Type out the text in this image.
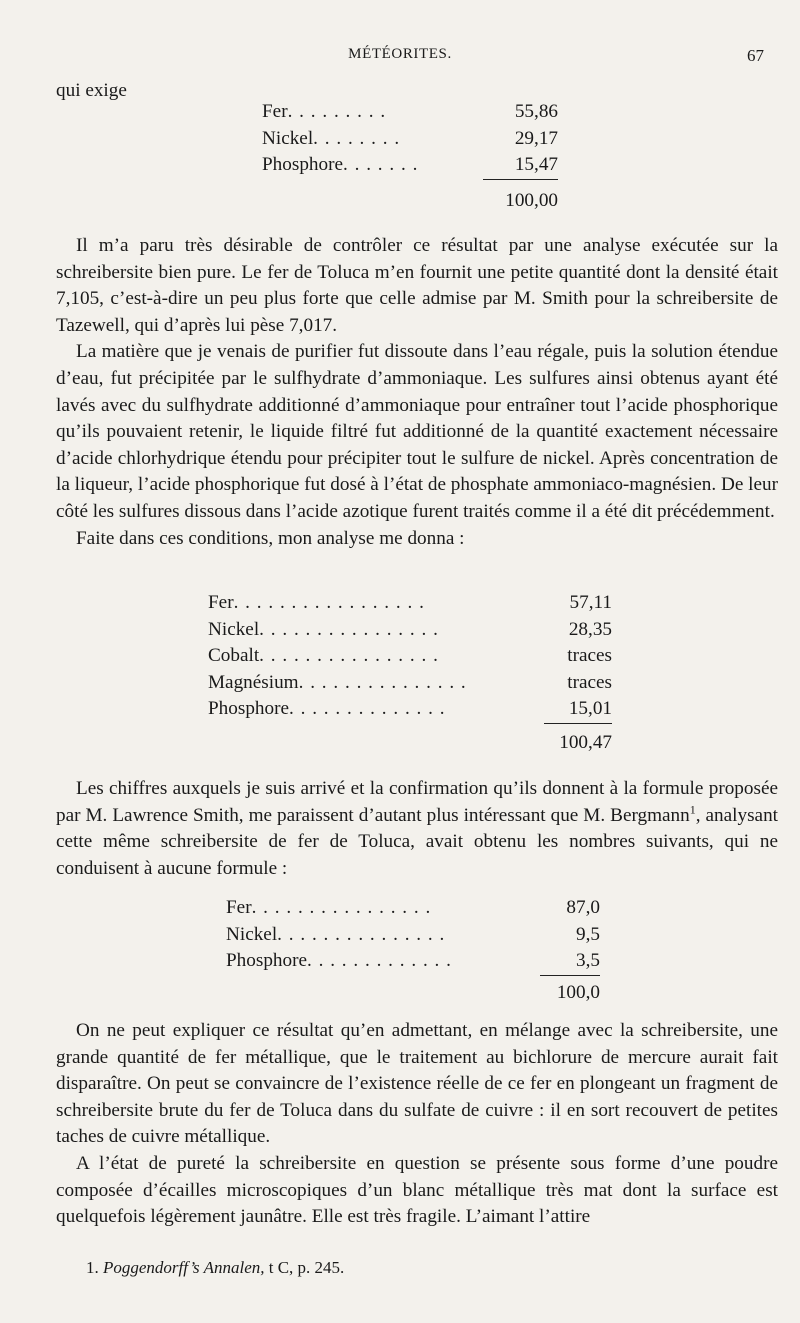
MÉTÉORITES.	67

qui exige

Fer. . . . . . . . .	55,86
Nickel. . . . . . . .	29,17
Phosphore. . . . . . .	15,47
	100,00

Il m’a paru très désirable de contrôler ce résultat par une analyse exécutée sur la schreibersite bien pure. Le fer de Toluca m’en fournit une petite quantité dont la densité était 7,105, c’est-à-dire un peu plus forte que celle admise par M. Smith pour la schreibersite de Tazewell, qui d’après lui pèse 7,017.

La matière que je venais de purifier fut dissoute dans l’eau régale, puis la solution étendue d’eau, fut précipitée par le sulfhydrate d’ammoniaque. Les sulfures ainsi obtenus ayant été lavés avec du sulfhydrate additionné d’ammoniaque pour entraîner tout l’acide phosphorique qu’ils pouvaient retenir, le liquide filtré fut additionné de la quantité exactement nécessaire d’acide chlorhydrique étendu pour précipiter tout le sulfure de nickel. Après concentration de la liqueur, l’acide phosphorique fut dosé à l’état de phosphate ammoniaco-magnésien. De leur côté les sulfures dissous dans l’acide azotique furent traités comme il a été dit précédemment.

Faite dans ces conditions, mon analyse me donna :

Fer. . . . . . . . . . . . . . . . .	57,11
Nickel. . . . . . . . . . . . . . . .	28,35
Cobalt. . . . . . . . . . . . . . . .	traces
Magnésium. . . . . . . . . . . . . . .	traces
Phosphore. . . . . . . . . . . . . .	15,01
	100,47

Les chiffres auxquels je suis arrivé et la confirmation qu’ils donnent à la formule proposée par M. Lawrence Smith, me paraissent d’autant plus intéressant que M. Bergmann$^1$, analysant cette même schreibersite de fer de Toluca, avait obtenu les nombres suivants, qui ne conduisent à aucune formule :

Fer. . . . . . . . . . . . . . . .	87,0
Nickel. . . . . . . . . . . . . . .	9,5
Phosphore. . . . . . . . . . . . .	3,5
	100,0

On ne peut expliquer ce résultat qu’en admettant, en mélange avec la schreibersite, une grande quantité de fer métallique, que le traitement au bichlorure de mercure aurait fait disparaître. On peut se convaincre de l’existence réelle de ce fer en plongeant un fragment de schreibersite brute du fer de Toluca dans du sulfate de cuivre : il en sort recouvert de petites taches de cuivre métallique.

A l’état de pureté la schreibersite en question se présente sous forme d’une poudre composée d’écailles microscopiques d’un blanc métallique très mat dont la surface est quelquefois légèrement jaunâtre. Elle est très fragile. L’aimant l’attire

1. Poggendorff’s Annalen, t C, p. 245.
